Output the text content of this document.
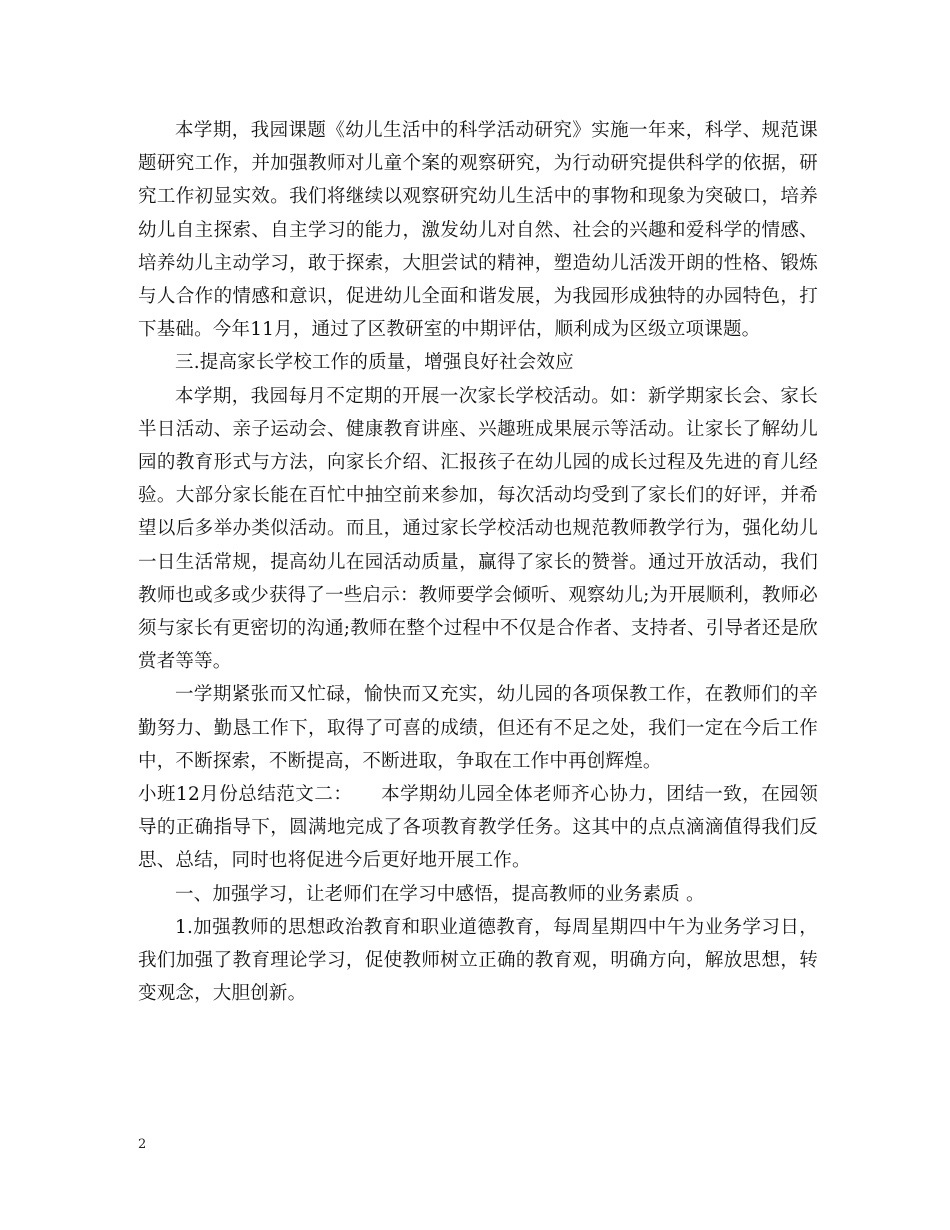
本学期，我园课题《幼儿生活中的科学活动研究》实施一年来，科学、规范课题研究工作，并加强教师对儿童个案的观察研究，为行动研究提供科学的依据，研究工作初显实效。我们将继续以观察研究幼儿生活中的事物和现象为突破口，培养幼儿自主探索、自主学习的能力，激发幼儿对自然、社会的兴趣和爱科学的情感、培养幼儿主动学习，敢于探索，大胆尝试的精神，塑造幼儿活泼开朗的性格、锻炼与人合作的情感和意识，促进幼儿全面和谐发展，为我园形成独特的办园特色，打下基础。今年11月，通过了区教研室的中期评估，顺利成为区级立项课题。

三.提高家长学校工作的质量，增强良好社会效应

本学期，我园每月不定期的开展一次家长学校活动。如：新学期家长会、家长半日活动、亲子运动会、健康教育讲座、兴趣班成果展示等活动。让家长了解幼儿园的教育形式与方法，向家长介绍、汇报孩子在幼儿园的成长过程及先进的育儿经验。大部分家长能在百忙中抽空前来参加，每次活动均受到了家长们的好评，并希望以后多举办类似活动。而且，通过家长学校活动也规范教师教学行为，强化幼儿一日生活常规，提高幼儿在园活动质量，赢得了家长的赞誉。通过开放活动，我们教师也或多或少获得了一些启示：教师要学会倾听、观察幼儿;为开展顺利，教师必须与家长有更密切的沟通;教师在整个过程中不仅是合作者、支持者、引导者还是欣赏者等等。

一学期紧张而又忙碌，愉快而又充实，幼儿园的各项保教工作，在教师们的辛勤努力、勤恳工作下，取得了可喜的成绩，但还有不足之处，我们一定在今后工作中，不断探索，不断提高，不断进取，争取在工作中再创辉煌。

小班12月份总结范文二：　　本学期幼儿园全体老师齐心协力，团结一致，在园领导的正确指导下，圆满地完成了各项教育教学任务。这其中的点点滴滴值得我们反思、总结，同时也将促进今后更好地开展工作。

一、加强学习，让老师们在学习中感悟，提高教师的业务素质 。

1.加强教师的思想政治教育和职业道德教育，每周星期四中午为业务学习日，我们加强了教育理论学习，促使教师树立正确的教育观，明确方向，解放思想，转变观念，大胆创新。

2
